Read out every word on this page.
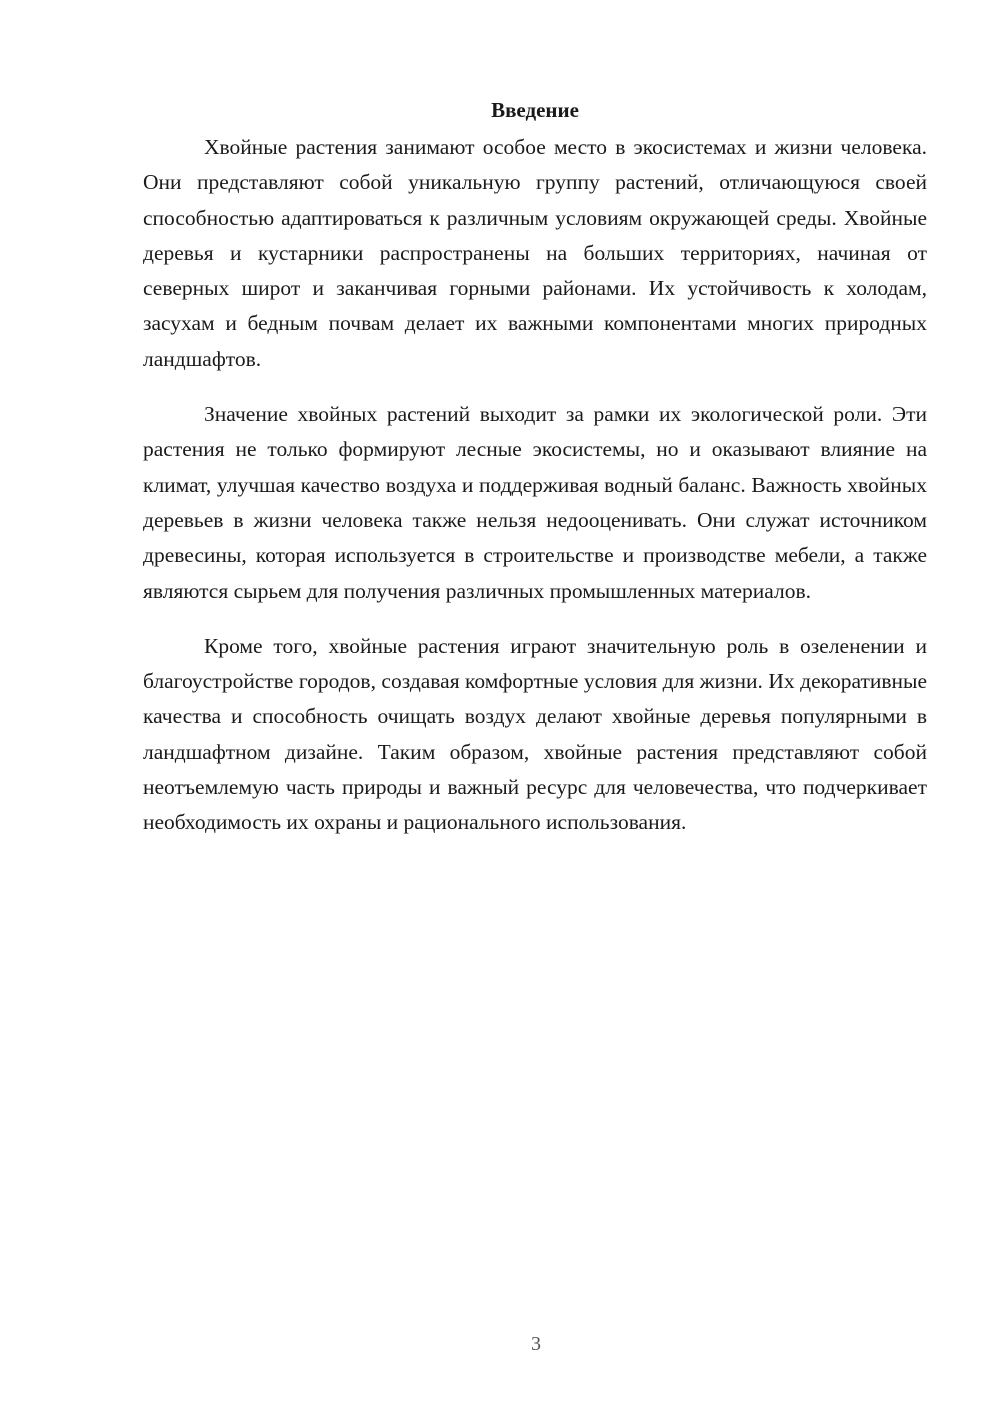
Введение

Хвойные растения занимают особое место в экосистемах и жизни человека. Они представляют собой уникальную группу растений, отличающуюся своей способностью адаптироваться к различным условиям окружающей среды. Хвойные деревья и кустарники распространены на больших территориях, начиная от северных широт и заканчивая горными районами. Их устойчивость к холодам, засухам и бедным почвам делает их важными компонентами многих природных ландшафтов.

Значение хвойных растений выходит за рамки их экологической роли. Эти растения не только формируют лесные экосистемы, но и оказывают влияние на климат, улучшая качество воздуха и поддерживая водный баланс. Важность хвойных деревьев в жизни человека также нельзя недооценивать. Они служат источником древесины, которая используется в строительстве и производстве мебели, а также являются сырьем для получения различных промышленных материалов.

Кроме того, хвойные растения играют значительную роль в озеленении и благоустройстве городов, создавая комфортные условия для жизни. Их декоративные качества и способность очищать воздух делают хвойные деревья популярными в ландшафтном дизайне. Таким образом, хвойные растения представляют собой неотъемлемую часть природы и важный ресурс для человечества, что подчеркивает необходимость их охраны и рационального использования.

3
